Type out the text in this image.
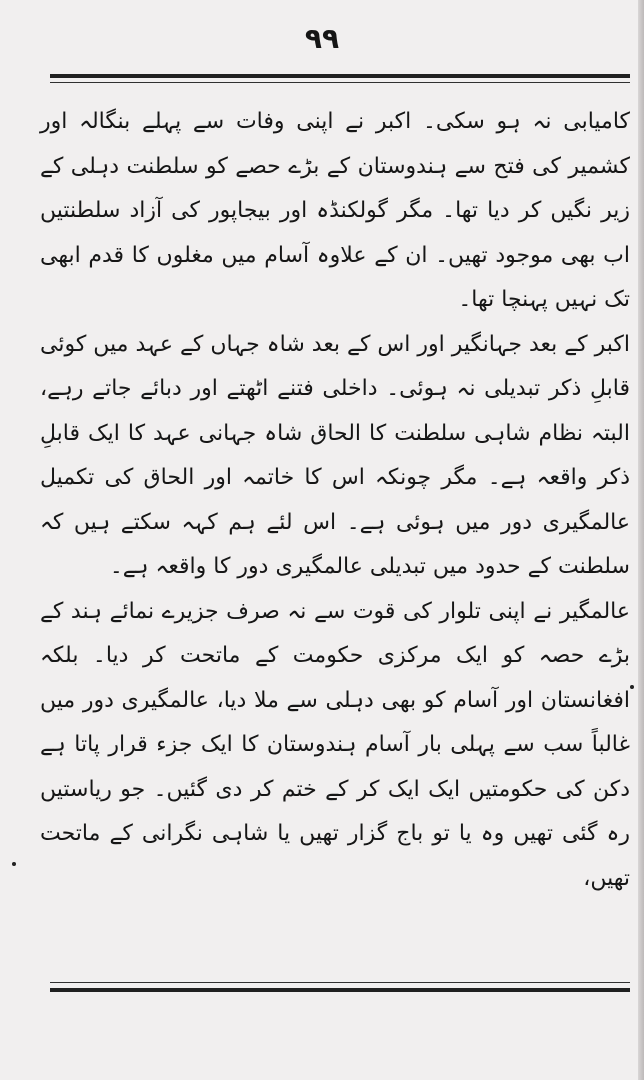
۹۹

کامیابی نہ ہو سکی۔ اکبر نے اپنی وفات سے پہلے بنگالہ اور کشمیر کی فتح سے ہندوستان کے بڑے حصے کو سلطنت دہلی کے زیر نگیں کر دیا تھا۔ مگر گولکنڈہ اور بیجاپور کی آزاد سلطنتیں اب بھی موجود تھیں۔ ان کے علاوہ آسام میں مغلوں کا قدم ابھی تک نہیں پہنچا تھا۔

اکبر کے بعد جہانگیر اور اس کے بعد شاہ جہاں کے عہد میں کوئی قابلِ ذکر تبدیلی نہ ہوئی۔ داخلی فتنے اٹھتے اور دبائے جاتے رہے، البتہ نظام شاہی سلطنت کا الحاق شاہ جہانی عہد کا ایک قابلِ ذکر واقعہ ہے۔ مگر چونکہ اس کا خاتمہ اور الحاق کی تکمیل عالمگیری دور میں ہوئی ہے۔ اس لئے ہم کہہ سکتے ہیں کہ سلطنت کے حدود میں تبدیلی عالمگیری دور کا واقعہ ہے۔

عالمگیر نے اپنی تلوار کی قوت سے نہ صرف جزیرے نمائے ہند کے بڑے حصہ کو ایک مرکزی حکومت کے ماتحت کر دیا۔ بلکہ افغانستان اور آسام کو بھی دہلی سے ملا دیا، عالمگیری دور میں غالباً سب سے پہلی بار آسام ہندوستان کا ایک جزء قرار پاتا ہے دکن کی حکومتیں ایک ایک کر کے ختم کر دی گئیں۔ جو ریاستیں رہ گئی تھیں وہ یا تو باج گزار تھیں یا شاہی نگرانی کے ماتحت تھیں،
